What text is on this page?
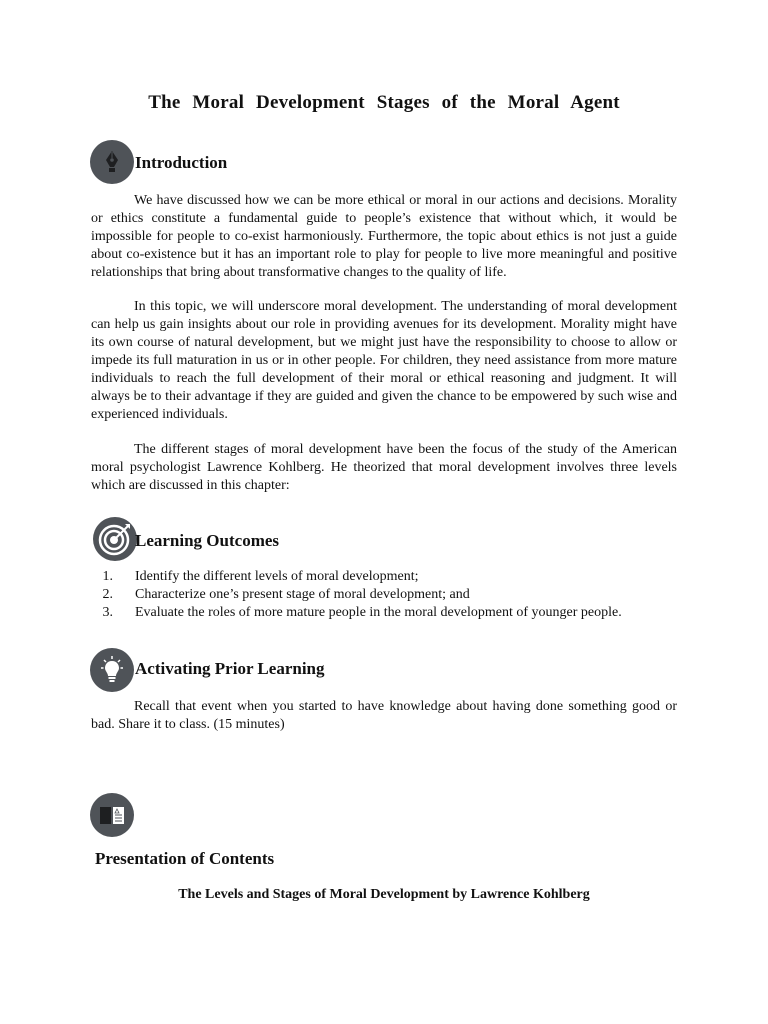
The Moral Development Stages of the Moral Agent
Introduction

We have discussed how we can be more ethical or moral in our actions and decisions. Morality or ethics constitute a fundamental guide to people’s existence that without which, it would be impossible for people to co-exist harmoniously. Furthermore, the topic about ethics is not just a guide about co-existence but it has an important role to play for people to live more meaningful and positive relationships that bring about transformative changes to the quality of life.

In this topic, we will underscore moral development. The understanding of moral development can help us gain insights about our role in providing avenues for its development. Morality might have its own course of natural development, but we might just have the responsibility to choose to allow or impede its full maturation in us or in other people. For children, they need assistance from more mature individuals to reach the full development of their moral or ethical reasoning and judgment. It will always be to their advantage if they are guided and given the chance to be empowered by such wise and experienced individuals.

The different stages of moral development have been the focus of the study of the American moral psychologist Lawrence Kohlberg. He theorized that moral development involves three levels which are discussed in this chapter:

Learning Outcomes
1. Identify the different levels of moral development;
2. Characterize one’s present stage of moral development; and
3. Evaluate the roles of more mature people in the moral development of younger people.
Activating Prior Learning

Recall that event when you started to have knowledge about having done something good or bad. Share it to class. (15 minutes)

Presentation of Contents
The Levels and Stages of Moral Development by Lawrence Kohlberg
